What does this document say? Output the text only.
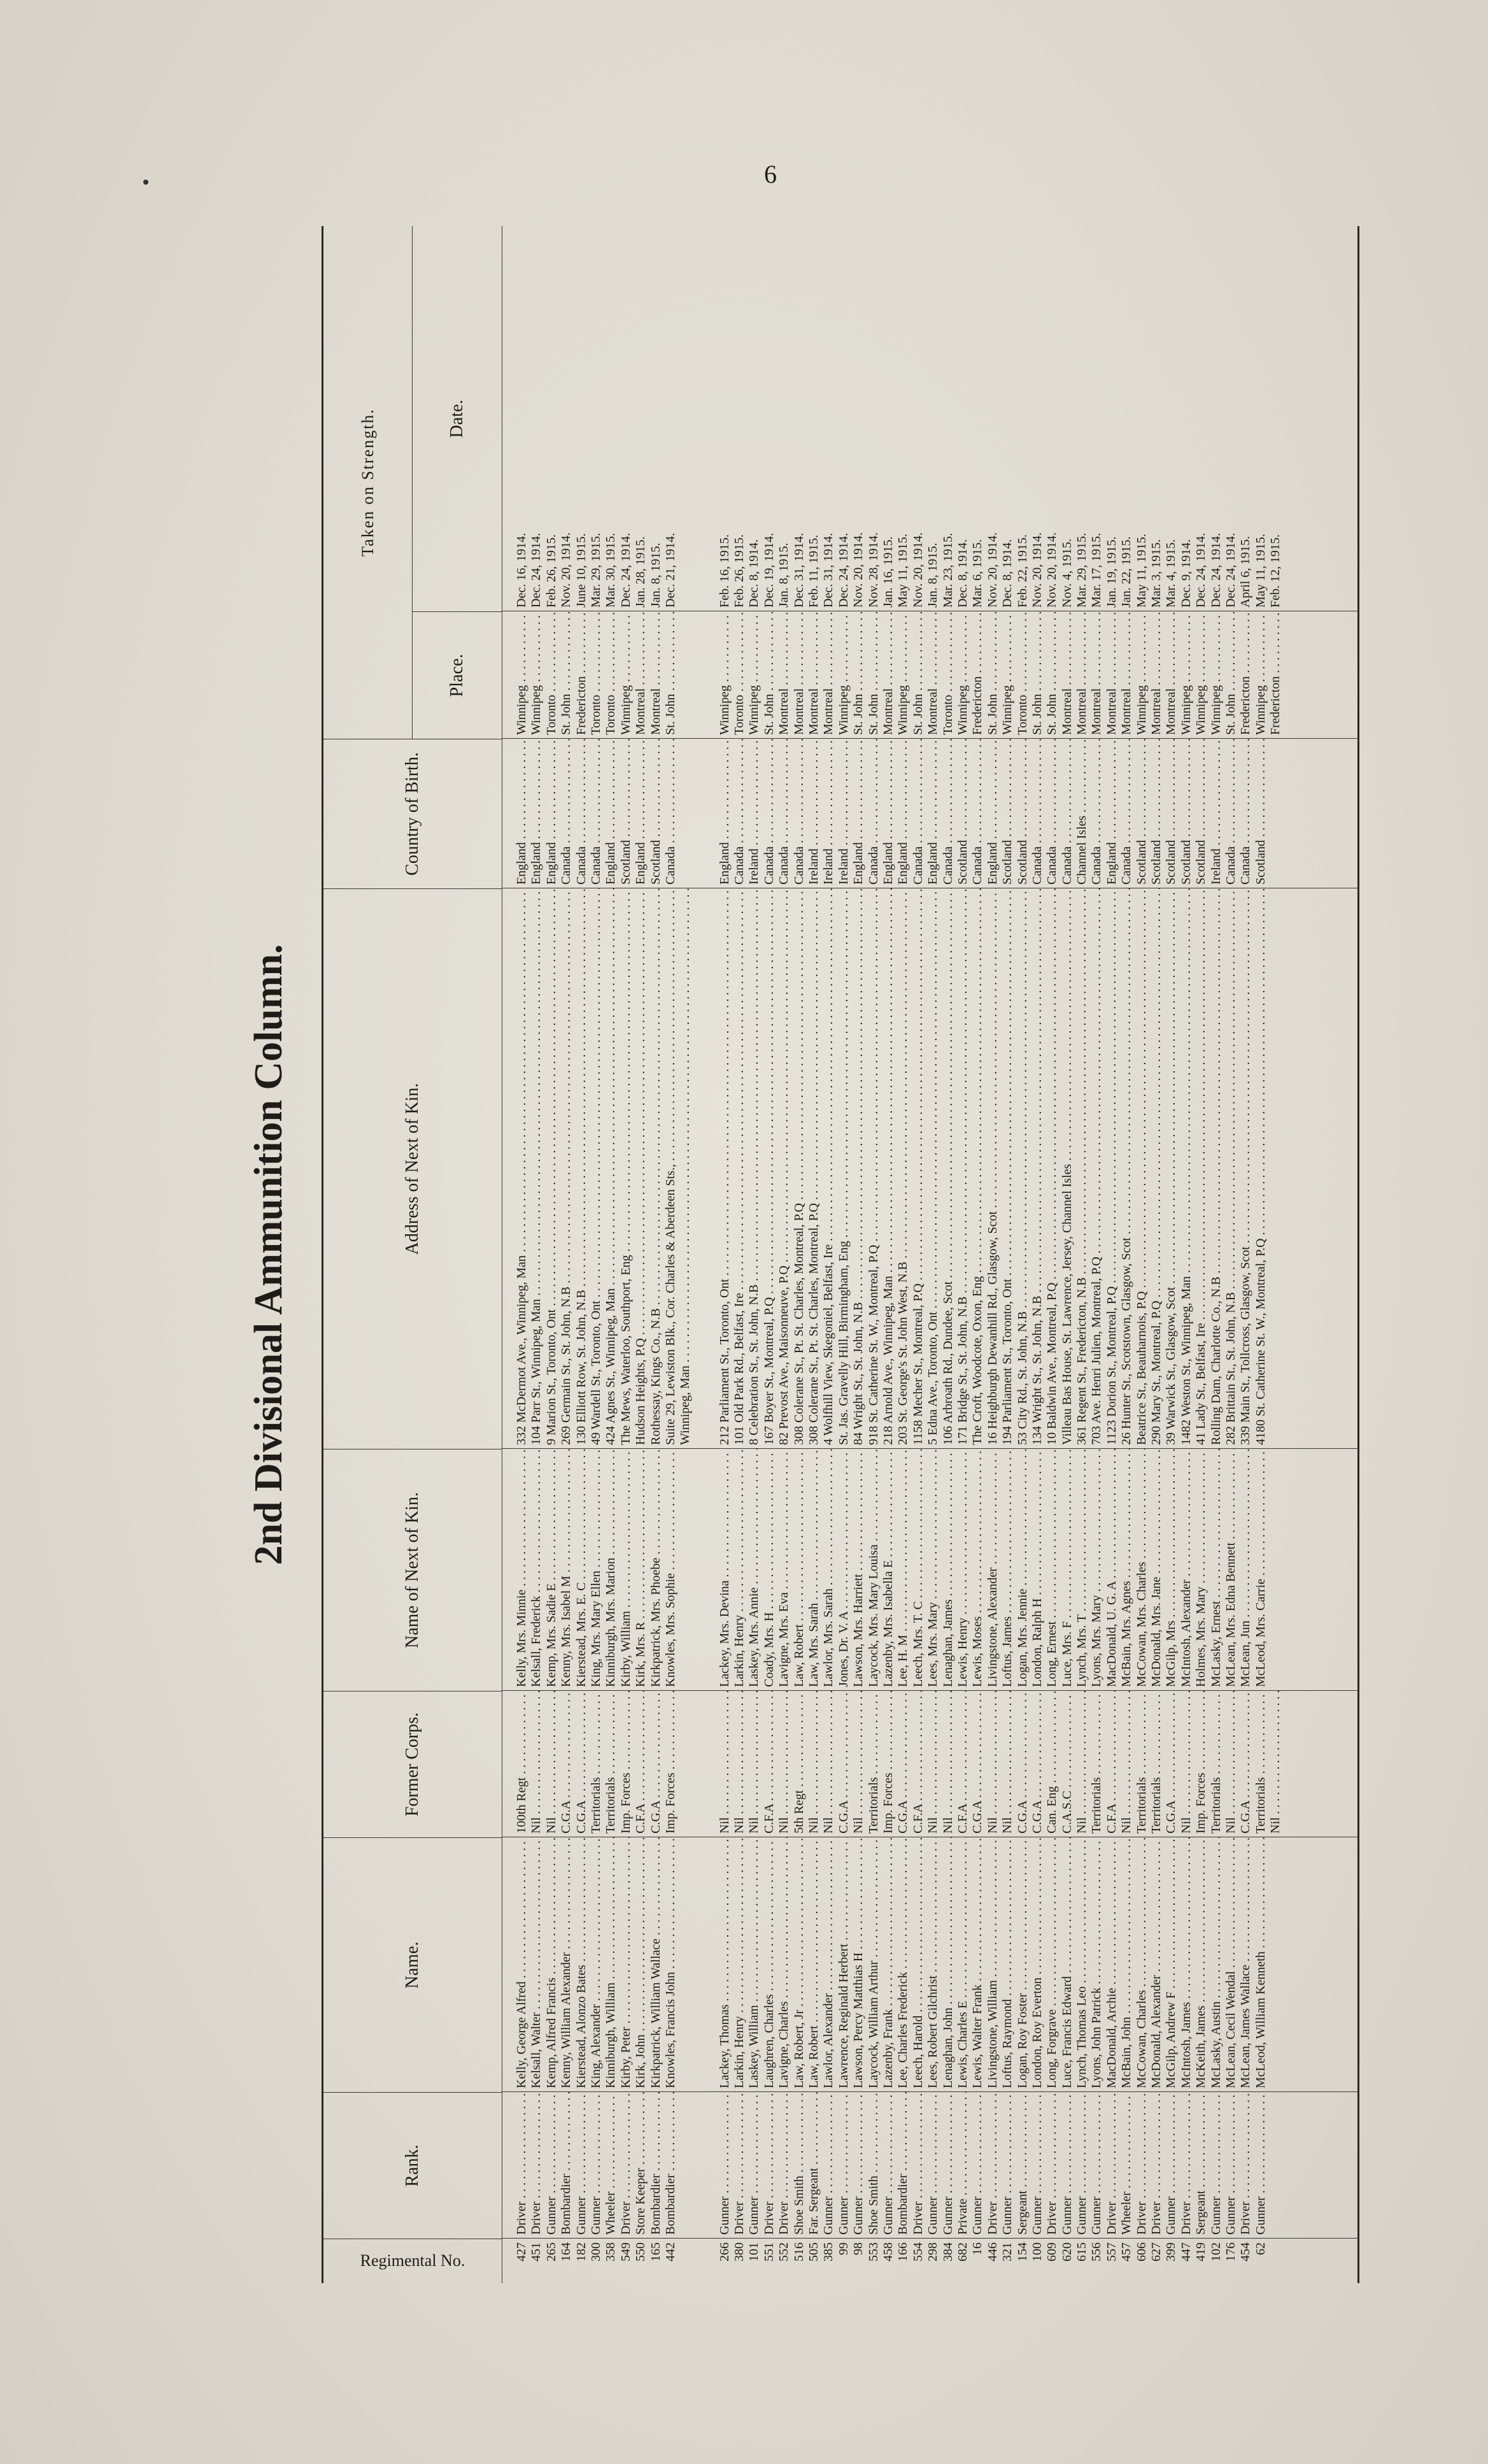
6
2nd Divisional Ammunition Column.
Regimental No.
Rank.
Name.
Former Corps.
Name of Next of Kin.
Address of Next of Kin.
Country of Birth.
Taken on Strength.
Place.
Date.
427
Driver . . .
Kelly, George Alfred . . .
100th Regt . . .
Kelly, Mrs. Minnie . . .
332 McDermot Ave., Winnipeg, Man . . .
England . . .
Winnipeg . . .
Dec. 16, 1914.
451
Driver . . .
Kelsall, Walter . . .
Nil . . .
Kelsall, Frederick . . .
104 Parr St., Winnipeg, Man . . .
England . . .
Winnipeg . . .
Dec. 24, 1914.
265
Gunner . . .
Kemp, Alfred Francis . . .
Nil . . .
Kemp, Mrs. Sadie E . . .
9 Marion St., Toronto, Ont . . .
England . . .
Toronto . . .
Feb. 26, 1915.
164
Bombardier . . .
Kenny, William Alexander . . .
C.G.A . . .
Kenny, Mrs. Isabel M . . .
269 Germain St., St. John, N.B . . .
Canada . . .
St. John . . .
Nov. 20, 1914.
182
Gunner . . .
Kierstead, Alonzo Bates . . .
C.G.A . . .
Kierstead, Mrs. E. C . . .
130 Elliott Row, St. John, N.B . . .
Canada . . .
Fredericton . . .
June 10, 1915.
300
Gunner . . .
King, Alexander . . .
Territorials . . .
King, Mrs. Mary Ellen . . .
49 Wardell St., Toronto, Ont . . .
Canada . . .
Toronto . . .
Mar. 29, 1915.
358
Wheeler . . .
Kinniburgh, William . . .
Territorials . . .
Kinniburgh, Mrs. Marion . . .
424 Agnes St., Winnipeg, Man . . .
England . . .
Toronto . . .
Mar. 30, 1915.
549
Driver . . .
Kirby, Peter . . .
Imp. Forces . . .
Kirby, William . . .
The Mews, Waterloo, Southport, Eng . . .
Scotland . . .
Winnipeg . . .
Dec. 24, 1914.
550
Store Keeper . . .
Kirk, John . . .
C.F.A . . .
Kirk, Mrs. R . . .
Hudson Heights, P.Q . . .
England . . .
Montreal . . .
Jan. 28, 1915.
165
Bombardier . . .
Kirkpatrick, William Wallace . . .
C.G.A . . .
Kirkpatrick, Mrs. Phoebe . . .
Rothessay, Kings Co., N.B . . .
Scotland . . .
Montreal . . .
Jan. 8, 1915.
442
Bombardier . . .
Knowles, Francis John . . .
Imp. Forces . . .
Knowles, Mrs. Sophie . . .
Suite 29, Lewiston Blk., Cor. Charles & Aberdeen Sts., . . .
Canada . . .
St. John . . .
Dec. 21, 1914.
Winnipeg, Man . . .
266
Gunner . . .
Lackey, Thomas . . .
Nil . . .
Lackey, Mrs. Devina . . .
212 Parliament St., Toronto, Ont . . .
England . . .
Winnipeg . . .
Feb. 16, 1915.
380
Driver . . .
Larkin, Henry . . .
Nil . . .
Larkin, Henry . . .
101 Old Park Rd., Belfast, Ire . . .
Canada . . .
Toronto . . .
Feb. 26, 1915.
101
Gunner . . .
Laskey, William . . .
Nil . . .
Laskey, Mrs. Annie . . .
8 Celebration St., St. John, N.B . . .
Ireland . . .
Winnipeg . . .
Dec. 8, 1914.
551
Driver . . .
Laughren, Charles . . .
C.F.A . . .
Coady, Mrs. H . . .
167 Boyer St., Montreal, P.Q . . .
Canada . . .
St. John . . .
Dec. 19, 1914.
552
Driver . . .
Lavigne, Charles . . .
Nil . . .
Lavigne, Mrs. Eva . . .
82 Prevost Ave., Maisonneuve, P.Q . . .
Canada . . .
Montreal . . .
Jan. 8, 1915.
516
Shoe Smith . . .
Law, Robert, Jr . . .
5th Regt . . .
Law, Robert . . .
308 Colerane St., Pt. St. Charles, Montreal, P.Q . . .
Canada . . .
Montreal . . .
Dec. 31, 1914.
505
Far. Sergeant . . .
Law, Robert . . .
Nil . . .
Law, Mrs. Sarah . . .
308 Colerane St., Pt. St. Charles, Montreal, P.Q . . .
Ireland . . .
Montreal . . .
Feb. 11, 1915.
385
Gunner . . .
Lawlor, Alexander . . .
Nil . . .
Lawlor, Mrs. Sarah . . .
4 Wolfhill View, Skegoniel, Belfast, Ire . . .
Ireland . . .
Montreal . . .
Dec. 31, 1914.
99
Gunner . . .
Lawrence, Reginald Herbert . . .
C.G.A . . .
Jones, Dr. V. A . . .
St. Jas. Gravelly Hill, Birmingham, Eng . . .
Ireland . . .
Winnipeg . . .
Dec. 24, 1914.
98
Gunner . . .
Lawson, Percy Matthias H . . .
Nil . . .
Lawson, Mrs. Harriett . . .
84 Wright St., St. John, N.B . . .
England . . .
St. John . . .
Nov. 20, 1914.
553
Shoe Smith . . .
Laycock, William Arthur . . .
Territorials . . .
Laycock, Mrs. Mary Louisa . . .
918 St. Catherine St. W., Montreal, P.Q . . .
Canada . . .
St. John . . .
Nov. 28, 1914.
458
Gunner . . .
Lazenby, Frank . . .
Imp. Forces . . .
Lazenby, Mrs. Isabella E . . .
218 Arnold Ave., Winnipeg, Man . . .
England . . .
Montreal . . .
Jan. 16, 1915.
166
Bombardier . . .
Lee, Charles Frederick . . .
C.G.A . . .
Lee, H. M . . .
203 St. George's St. John West, N.B . . .
England . . .
Winnipeg . . .
May 11, 1915.
554
Driver . . .
Leech, Harold . . .
C.F.A . . .
Leech, Mrs. T. C . . .
1158 Mecher St., Montreal, P.Q . . .
Canada . . .
St. John . . .
Nov. 20, 1914.
298
Gunner . . .
Lees, Robert Gilchrist . . .
Nil . . .
Lees, Mrs. Mary . . .
5 Edna Ave., Toronto, Ont . . .
England . . .
Montreal . . .
Jan. 8, 1915.
384
Gunner . . .
Lenaghan, John . . .
Nil . . .
Lenaghan, James . . .
106 Arbroath Rd., Dundee, Scot . . .
Canada . . .
Toronto . . .
Mar. 23, 1915.
682
Private . . .
Lewis, Charles E . . .
C.F.A . . .
Lewis, Henry . . .
171 Bridge St., St. John, N.B . . .
Scotland . . .
Winnipeg . . .
Dec. 8, 1914.
16
Gunner . . .
Lewis, Walter Frank . . .
C.G.A . . .
Lewis, Moses . . .
The Croft, Woodcote, Oxon, Eng . . .
Canada . . .
Fredericton . . .
Mar. 6, 1915.
446
Driver . . .
Livingstone, William . . .
Nil . . .
Livingstone, Alexander . . .
16 Heighburgh Dewanhill Rd., Glasgow, Scot . . .
England . . .
St. John . . .
Nov. 20, 1914.
321
Gunner . . .
Loftus, Raymond . . .
Nil . . .
Loftus, James . . .
194 Parliament St., Toronto, Ont . . .
Scotland . . .
Winnipeg . . .
Dec. 8, 1914.
154
Sergeant . . .
Logan, Roy Foster . . .
C.G.A . . .
Logan, Mrs. Jennie . . .
53 City Rd., St. John, N.B . . .
Scotland . . .
Toronto . . .
Feb. 22, 1915.
100
Gunner . . .
London, Roy Everton . . .
C.G.A . . .
London, Ralph H . . .
134 Wright St., St. John, N.B . . .
Canada . . .
St. John . . .
Nov. 20, 1914.
609
Driver . . .
Long, Forgrave . . .
Can. Eng . . .
Long, Ernest . . .
10 Baldwin Ave., Montreal, P.Q . . .
Canada . . .
St. John . . .
Nov. 20, 1914.
620
Gunner . . .
Luce, Francis Edward . . .
C.A.S.C . . .
Luce, Mrs. F . . .
Villeau Bas House, St. Lawrence, Jersey, Channel Isles . . .
Canada . . .
Montreal . . .
Nov. 4, 1915.
615
Gunner . . .
Lynch, Thomas Leo . . .
Nil . . .
Lynch, Mrs. T . . .
361 Regent St., Fredericton, N.B . . .
Channel Isles . . .
Montreal . . .
Mar. 29, 1915.
556
Gunner . . .
Lyons, John Patrick . . .
Territorials . . .
Lyons, Mrs. Mary . . .
703 Ave. Henri Julien, Montreal, P.Q . . .
Canada . . .
Montreal . . .
Mar. 17, 1915.
557
Driver . . .
MacDonald, Archie . . .
C.F.A . . .
MacDonald, U. G. A . . .
1123 Dorion St., Montreal, P.Q . . .
England . . .
Montreal . . .
Jan. 19, 1915.
457
Wheeler . . .
McBain, John . . .
Nil . . .
McBain, Mrs. Agnes . . .
26 Hunter St., Scotstown, Glasgow, Scot . . .
Canada . . .
Montreal . . .
Jan. 22, 1915.
606
Driver . . .
McCowan, Charles . . .
Territorials . . .
McCowan, Mrs. Charles . . .
Beatrice St., Beauharnois, P.Q . . .
Scotland . . .
Winnipeg . . .
May 11, 1915.
627
Driver . . .
McDonald, Alexander . . .
Territorials . . .
McDonald, Mrs. Jane . . .
290 Mary St., Montreal, P.Q . . .
Scotland . . .
Montreal . . .
Mar. 3, 1915.
399
Gunner . . .
McGilp, Andrew F . . .
C.G.A . . .
McGilp, Mrs . . .
39 Warwick St., Glasgow, Scot . . .
Scotland . . .
Montreal . . .
Mar. 4, 1915.
447
Driver . . .
McIntosh, James . . .
Nil . . .
McIntosh, Alexander . . .
1482 Weston St., Winnipeg, Man . . .
Scotland . . .
Winnipeg . . .
Dec. 9, 1914.
419
Sergeant . . .
McKeith, James . . .
Imp. Forces . . .
Holmes, Mrs. Mary . . .
41 Lady St., Belfast, Ire . . .
Scotland . . .
Winnipeg . . .
Dec. 24, 1914.
102
Gunner . . .
McLasky, Austin . . .
Territorials . . .
McLasky, Ernest . . .
Rolling Dam, Charlotte Co., N.B . . .
Ireland . . .
Winnipeg . . .
Dec. 24, 1914.
176
Gunner . . .
McLean, Cecil Wendal . . .
Nil . . .
McLean, Mrs. Edna Bennett . . .
282 Brittain St., St. John, N.B . . .
Canada . . .
St. John . . .
Dec. 24, 1914.
454
Driver . . .
McLean, James Wallace . . .
C.G.A . . .
McLean, Jun . . .
339 Main St., Tollcross, Glasgow, Scot . . .
Canada . . .
Fredericton . . .
April 6, 1915.
62
Gunner . . .
McLeod, William Kenneth . . .
Territorials . . .
McLeod, Mrs. Carrie . . .
4180 St. Catherine St. W., Montreal, P.Q . . .
Scotland . . .
Winnipeg . . .
May 11, 1915.
Nil . . .
Fredericton . . .
Feb. 12, 1915.
